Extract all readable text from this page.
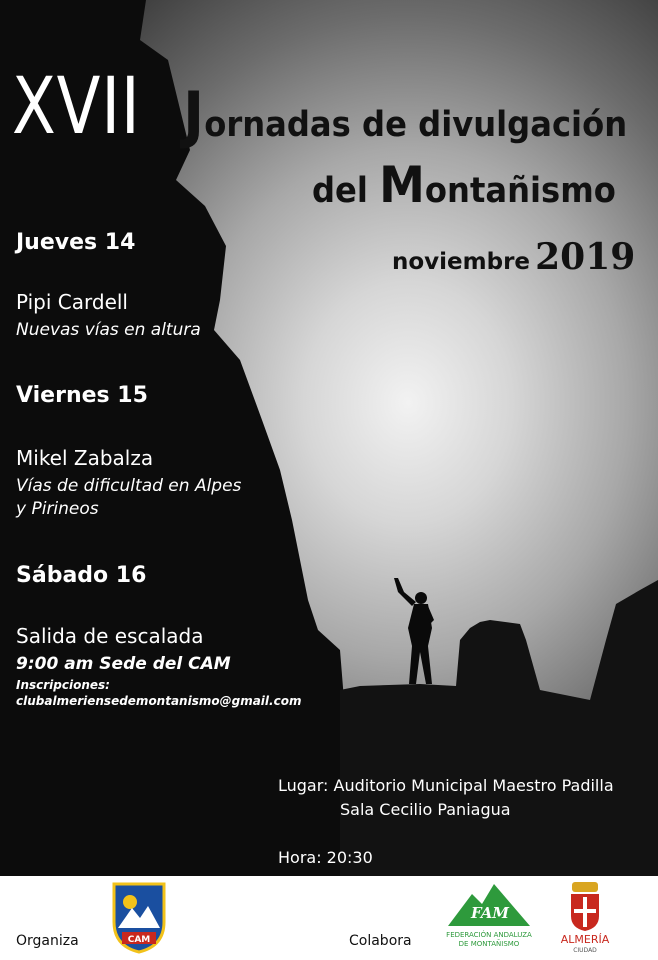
XVII Jornadas de divulgación
del Montañismo
noviembre 2019
Jueves 14
Pipi Cardell
Nuevas vías en altura
Viernes 15
Mikel Zabalza
Vías de dificultad en Alpes
y Pirineos
Sábado 16
Salida de escalada
9:00 am Sede del CAM
Inscripciones:
clubalmeriensedemontanismo@gmail.com
Lugar: Auditorio Municipal Maestro Padilla
Sala Cecilio Paniagua
Hora: 20:30
Organiza	CAM	Colabora
FAM
FEDERACIÓN ANDALUZA
DE MONTAÑISMO	ALMERÍA
CIUDAD
